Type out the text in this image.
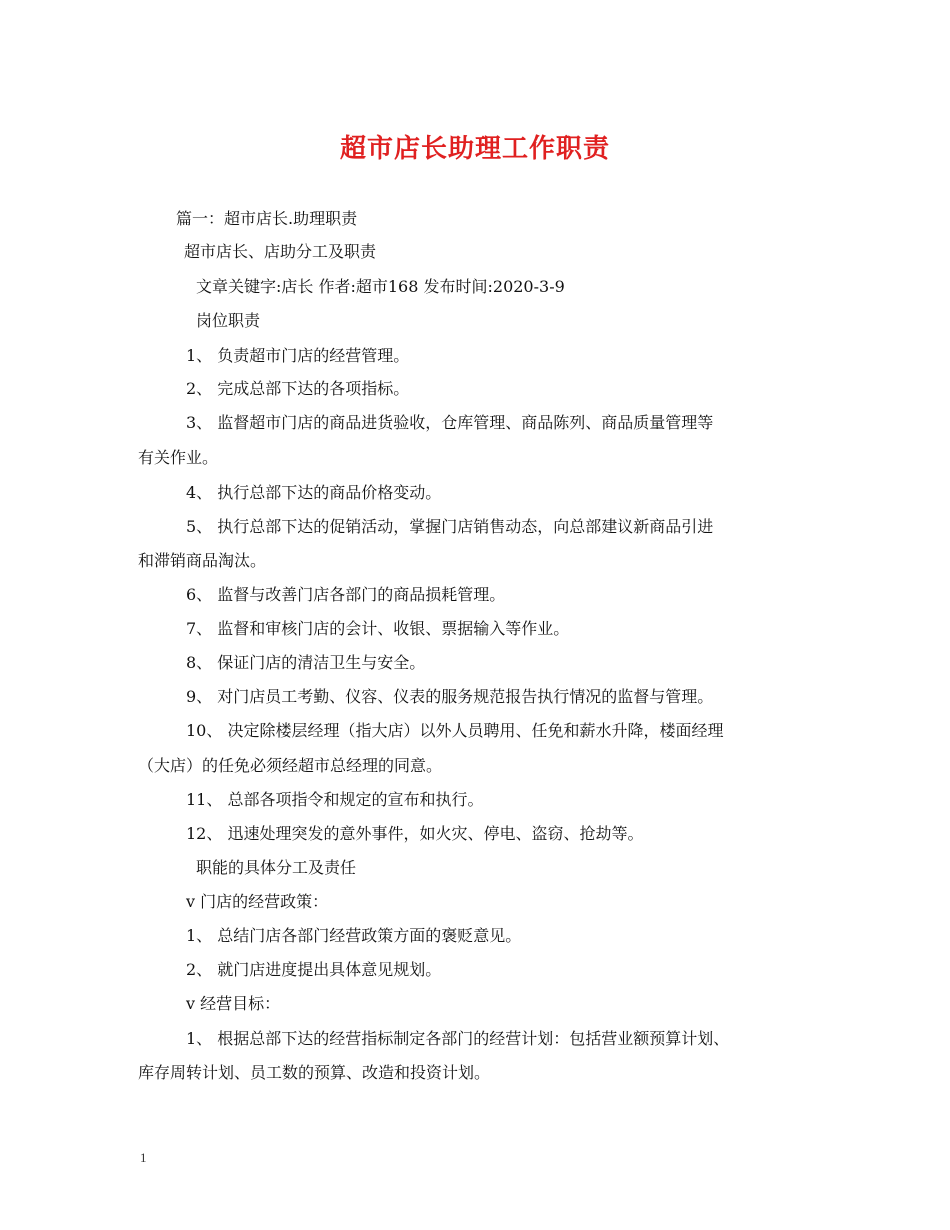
超市店长助理工作职责
篇一：超市店长.助理职责
超市店长、店助分工及职责
文章关键字:店长 作者:超市168 发布时间:2020-3-9
岗位职责
1、 负责超市门店的经营管理。
2、 完成总部下达的各项指标。
3、 监督超市门店的商品进货验收，仓库管理、商品陈列、商品质量管理等
有关作业。
4、 执行总部下达的商品价格变动。
5、 执行总部下达的促销活动，掌握门店销售动态，向总部建议新商品引进
和滞销商品淘汰。
6、 监督与改善门店各部门的商品损耗管理。
7、 监督和审核门店的会计、收银、票据输入等作业。
8、 保证门店的清洁卫生与安全。
9、 对门店员工考勤、仪容、仪表的服务规范报告执行情况的监督与管理。
10、 决定除楼层经理（指大店）以外人员聘用、任免和薪水升降，楼面经理
（大店）的任免必须经超市总经理的同意。
11、 总部各项指令和规定的宣布和执行。
12、 迅速处理突发的意外事件，如火灾、停电、盗窃、抢劫等。
职能的具体分工及责任
v 门店的经营政策：
1、 总结门店各部门经营政策方面的褒贬意见。
2、 就门店进度提出具体意见规划。
v 经营目标：
1、 根据总部下达的经营指标制定各部门的经营计划：包括营业额预算计划、
库存周转计划、员工数的预算、改造和投资计划。
1
